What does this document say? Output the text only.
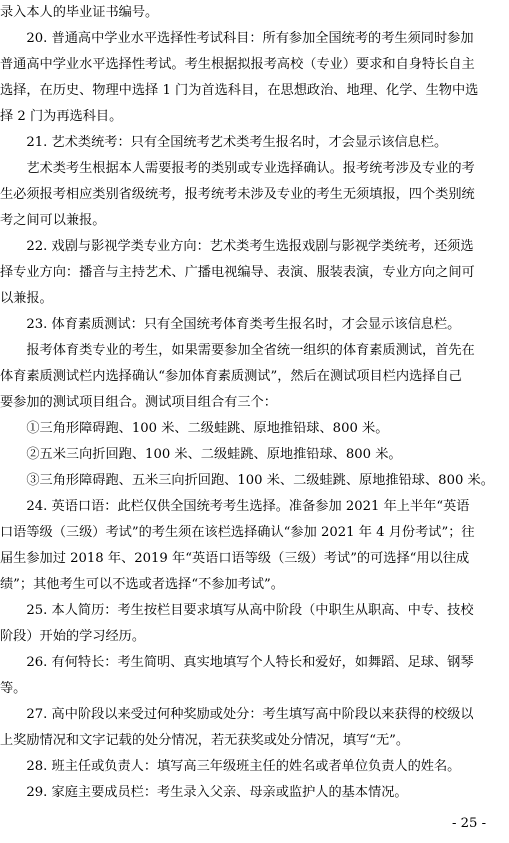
录入本人的毕业证书编号。
　　20. 普通高中学业水平选择性考试科目：所有参加全国统考的考生须同时参加
普通高中学业水平选择性考试。考生根据拟报考高校（专业）要求和自身特长自主
选择，在历史、物理中选择 1 门为首选科目，在思想政治、地理、化学、生物中选
择 2 门为再选科目。
　　21. 艺术类统考：只有全国统考艺术类考生报名时，才会显示该信息栏。
　　艺术类考生根据本人需要报考的类别或专业选择确认。报考统考涉及专业的考
生必须报考相应类别省级统考，报考统考未涉及专业的考生无须填报，四个类别统
考之间可以兼报。
　　22. 戏剧与影视学类专业方向：艺术类考生选报戏剧与影视学类统考，还须选
择专业方向：播音与主持艺术、广播电视编导、表演、服装表演，专业方向之间可
以兼报。
　　23. 体育素质测试：只有全国统考体育类考生报名时，才会显示该信息栏。
　　报考体育类专业的考生，如果需要参加全省统一组织的体育素质测试，首先在
体育素质测试栏内选择确认“参加体育素质测试”，然后在测试项目栏内选择自己
要参加的测试项目组合。测试项目组合有三个：
　　①三角形障碍跑、100 米、二级蛙跳、原地推铅球、800 米。
　　②五米三向折回跑、100 米、二级蛙跳、原地推铅球、800 米。
　　③三角形障碍跑、五米三向折回跑、100 米、二级蛙跳、原地推铅球、800 米。
　　24. 英语口语：此栏仅供全国统考考生选择。准备参加 2021 年上半年“英语
口语等级（三级）考试”的考生须在该栏选择确认“参加 2021 年 4 月份考试”；往
届生参加过 2018 年、2019 年“英语口语等级（三级）考试”的可选择“用以往成
绩”；其他考生可以不选或者选择“不参加考试”。
　　25. 本人简历：考生按栏目要求填写从高中阶段（中职生从职高、中专、技校
阶段）开始的学习经历。
　　26. 有何特长：考生简明、真实地填写个人特长和爱好，如舞蹈、足球、钢琴
等。
　　27. 高中阶段以来受过何种奖励或处分：考生填写高中阶段以来获得的校级以
上奖励情况和文字记载的处分情况，若无获奖或处分情况，填写“无”。
　　28. 班主任或负责人：填写高三年级班主任的姓名或者单位负责人的姓名。
　　29. 家庭主要成员栏：考生录入父亲、母亲或监护人的基本情况。
- 25 -
